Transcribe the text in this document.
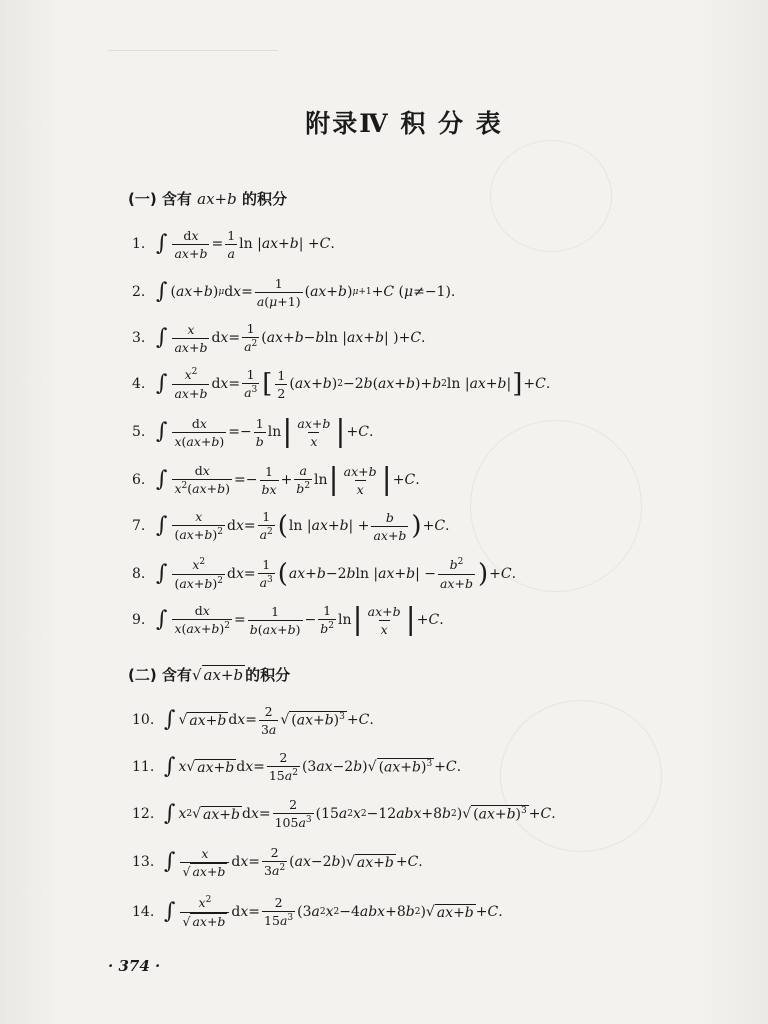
附录Ⅳ 积 分 表
(一) 含有 ax+b 的积分
1. ∫ $\frac{dx}{ax+b} = \frac{1}{a}$ ln | ax+b | + C .
2. ∫ ( ax+b ) μ d $x = \frac{1}{a(\mu+1)}$ ( ax+b ) μ+1 + C ( μ ≠−1).
3. ∫ $\frac{x}{ax+b}$ d $x = \frac{1}{a^2}$ ( ax+b − b ln | ax+b | )+ C .
4. ∫ $\frac{x^2}{ax+b}$ d $x = \frac{1}{a^3}$ [ $\frac{1}{2}$ ( ax+b ) 2 −2 b ( ax+b )+ b 2 ln | ax+b | ] + C .
5. ∫ $\frac{dx}{x(ax+b)} =- \frac{1}{b}$ ln | $\frac{ax+b}{x}$ | + C .
6. ∫ $\frac{dx}{x^2(ax+b)} =- \frac{1}{bx} + \frac{a}{b^2}$ ln | $\frac{ax+b}{x}$ | + C .
7. ∫ $\frac{x}{(ax+b)^2}$ d $x = \frac{1}{a^2}$ ( ln | ax+b | + $\frac{b}{ax+b}$ ) + C .
8. ∫ $\frac{x^2}{(ax+b)^2}$ d $x = \frac{1}{a^3}$ ( ax+b −2 b ln | ax+b | − $\frac{b^2}{ax+b}$ ) + C .
9. ∫ $\frac{dx}{x(ax+b)^2} = \frac{1}{b(ax+b)} - \frac{1}{b^2}$ ln | $\frac{ax+b}{x}$ | + C .
(二) 含有√ ax+b 的积分
10. ∫ √ ax+b d $x = \frac{2}{3a}$ √ $(ax+b)^3 + C$ .
11. ∫ x √ ax+b d $x = \frac{2}{15a^2} (3$ ax −2 b )√ $(ax+b)^3 + C$ .
12. ∫ x 2 √ ax+b d $x = \frac{2}{105a^3} (15$ a 2 x 2 −12 abx +8 b 2 )√ $(ax+b)^3 + C$ .
13. ∫ $\frac{x}{√ ax+b}$ d $x = \frac{2}{3a^2}$ ( ax −2 b )√ ax+b + C .
14. ∫ $\frac{x^2}{√ ax+b}$ d $x = \frac{2}{15a^3} (3$ a 2 x 2 −4 abx +8 b 2 )√ ax+b + C .
· 374 ·
